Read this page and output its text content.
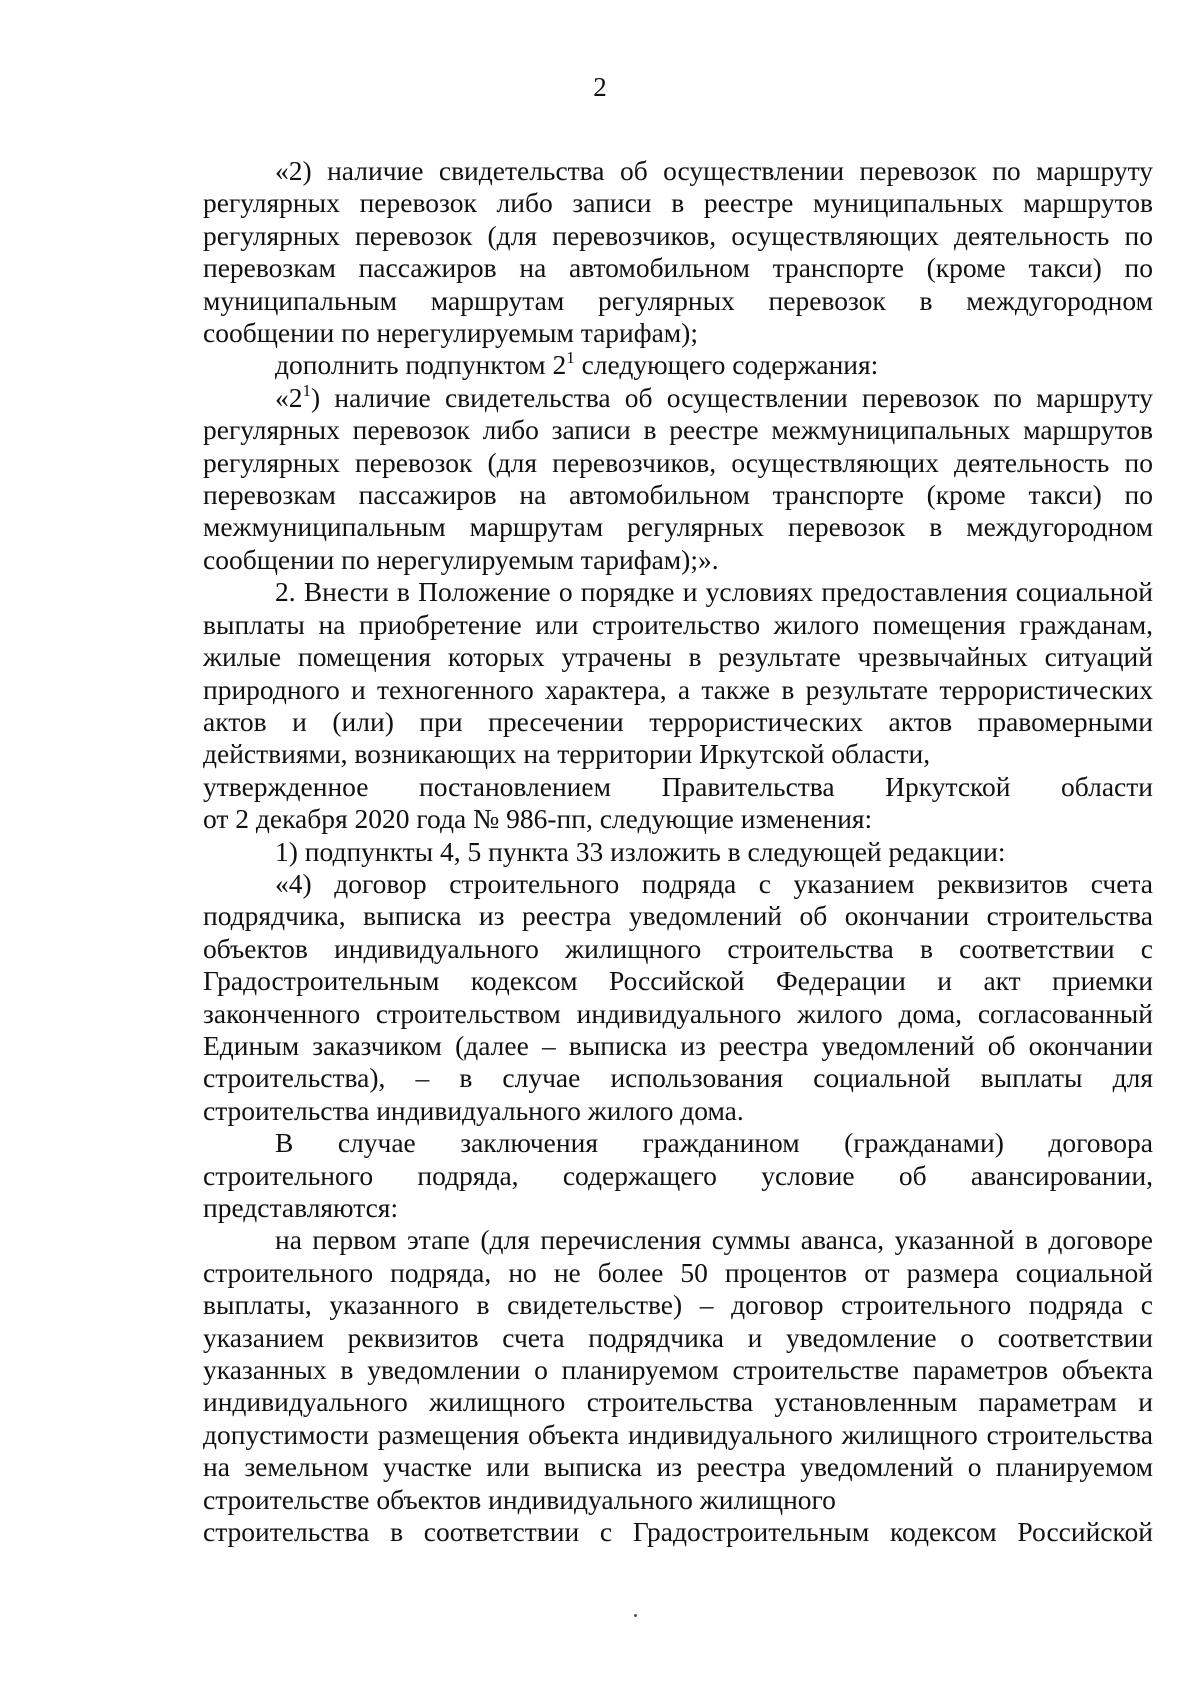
2

«2) наличие свидетельства об осуществлении перевозок по маршруту регулярных перевозок либо записи в реестре муниципальных маршрутов регулярных перевозок (для перевозчиков, осуществляющих деятельность по перевозкам пассажиров на автомобильном транспорте (кроме такси) по муниципальным маршрутам регулярных перевозок в междугородном сообщении по нерегулируемым тарифам);

дополнить подпунктом $2^1$ следующего содержания:

«$2^1$) наличие свидетельства об осуществлении перевозок по маршруту регулярных перевозок либо записи в реестре межмуниципальных маршрутов регулярных перевозок (для перевозчиков, осуществляющих деятельность по перевозкам пассажиров на автомобильном транспорте (кроме такси) по межмуниципальным маршрутам регулярных перевозок в междугородном сообщении по нерегулируемым тарифам);».

2. Внести в Положение о порядке и условиях предоставления социальной выплаты на приобретение или строительство жилого помещения гражданам, жилые помещения которых утрачены в результате чрезвычайных ситуаций природного и техногенного характера, а также в результате террористических актов и (или) при пресечении террористических актов правомерными действиями, возникающих на территории Иркутской области,

утвержденное постановлением Правительства Иркутской области

от 2 декабря 2020 года № 986-пп, следующие изменения:

1) подпункты 4, 5 пункта 33 изложить в следующей редакции:

«4) договор строительного подряда с указанием реквизитов счета подрядчика, выписка из реестра уведомлений об окончании строительства объектов индивидуального жилищного строительства в соответствии с Градостроительным кодексом Российской Федерации и акт приемки законченного строительством индивидуального жилого дома, согласованный Единым заказчиком (далее – выписка из реестра уведомлений об окончании строительства), – в случае использования социальной выплаты для строительства индивидуального жилого дома.

В случае заключения гражданином (гражданами) договора
строительного подряда, содержащего условие об авансировании,

представляются:

на первом этапе (для перечисления суммы аванса, указанной в договоре строительного подряда, но не более 50 процентов от размера социальной выплаты, указанного в свидетельстве) – договор строительного подряда с указанием реквизитов счета подрядчика и уведомление о соответствии указанных в уведомлении о планируемом строительстве параметров объекта индивидуального жилищного строительства установленным параметрам и допустимости размещения объекта индивидуального жилищного строительства на земельном участке или выписка из реестра уведомлений о планируемом строительстве объектов индивидуального жилищного

строительства в соответствии с Градостроительным кодексом Российской
